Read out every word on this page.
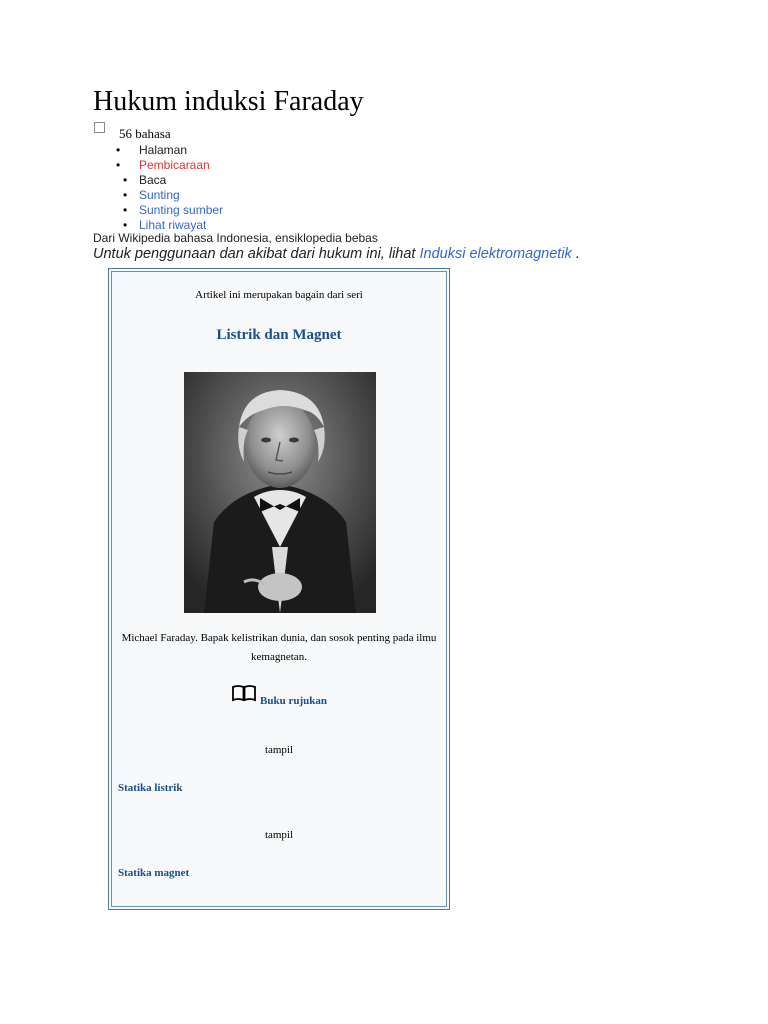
Hukum induksi Faraday
56 bahasa
• Halaman
• Pembicaraan
• Baca
• Sunting
• Sunting sumber
• Lihat riwayat
Dari Wikipedia bahasa Indonesia, ensiklopedia bebas
Untuk penggunaan dan akibat dari hukum ini, lihat Induksi elektromagnetik .
Artikel ini merupakan bagain dari seri
Listrik dan Magnet
Michael Faraday. Bapak kelistrikan dunia, dan sosok penting pada ilmu kemagnetan.
Buku rujukan
tampil
Statika listrik
tampil
Statika magnet
